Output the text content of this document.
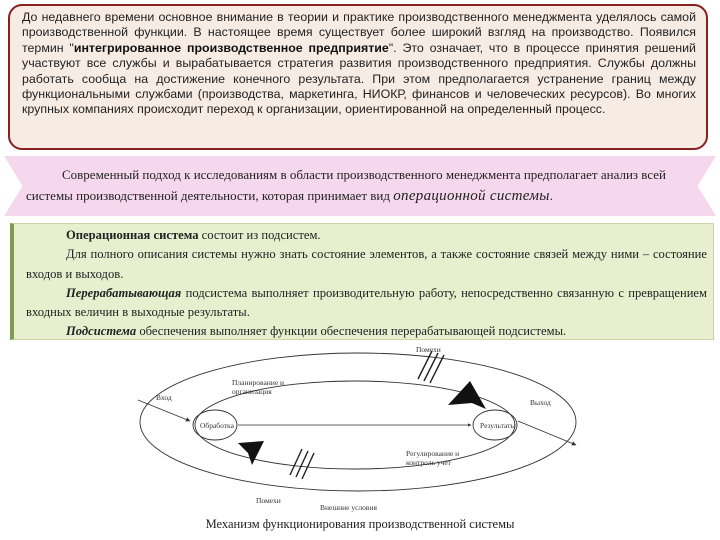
До недавнего времени основное внимание в теории и практике производственного менеджмента уделялось самой производственной функции. В настоящее время существует более широкий взгляд на производство. Появился термин "интегрированное производственное предприятие". Это означает, что в процессе принятия решений участвуют все службы и вырабатывается стратегия развития производственного предприятия. Службы должны работать сообща на достижение конечного результата. При этом предполагается устранение границ между функциональными службами (производства, маркетинга, НИОКР, финансов и человеческих ресурсов). Во многих крупных компаниях происходит переход к организации, ориентированной на определенный процесс.
Современный подход к исследованиям в области производственного менеджмента предполагает анализ всей системы производственной деятельности, которая принимает вид операционной системы.

Операционная система состоит из подсистем.

Для полного описания системы нужно знать состояние элементов, а также состояние связей между ними – состояние входов и выходов.

Перерабатывающая подсистема выполняет производительную работу, непосредственно связанную с превращением входных величин в выходные результаты.

Подсистема обеспечения выполняет функции обеспечения перерабатывающей подсистемы.

Помехи
Планирование и
организация
Вход
Выход
Обработка	Результаты
Регулирование и
контроль учет
Помехи
Внешние условия
Механизм функционирования производственной системы
